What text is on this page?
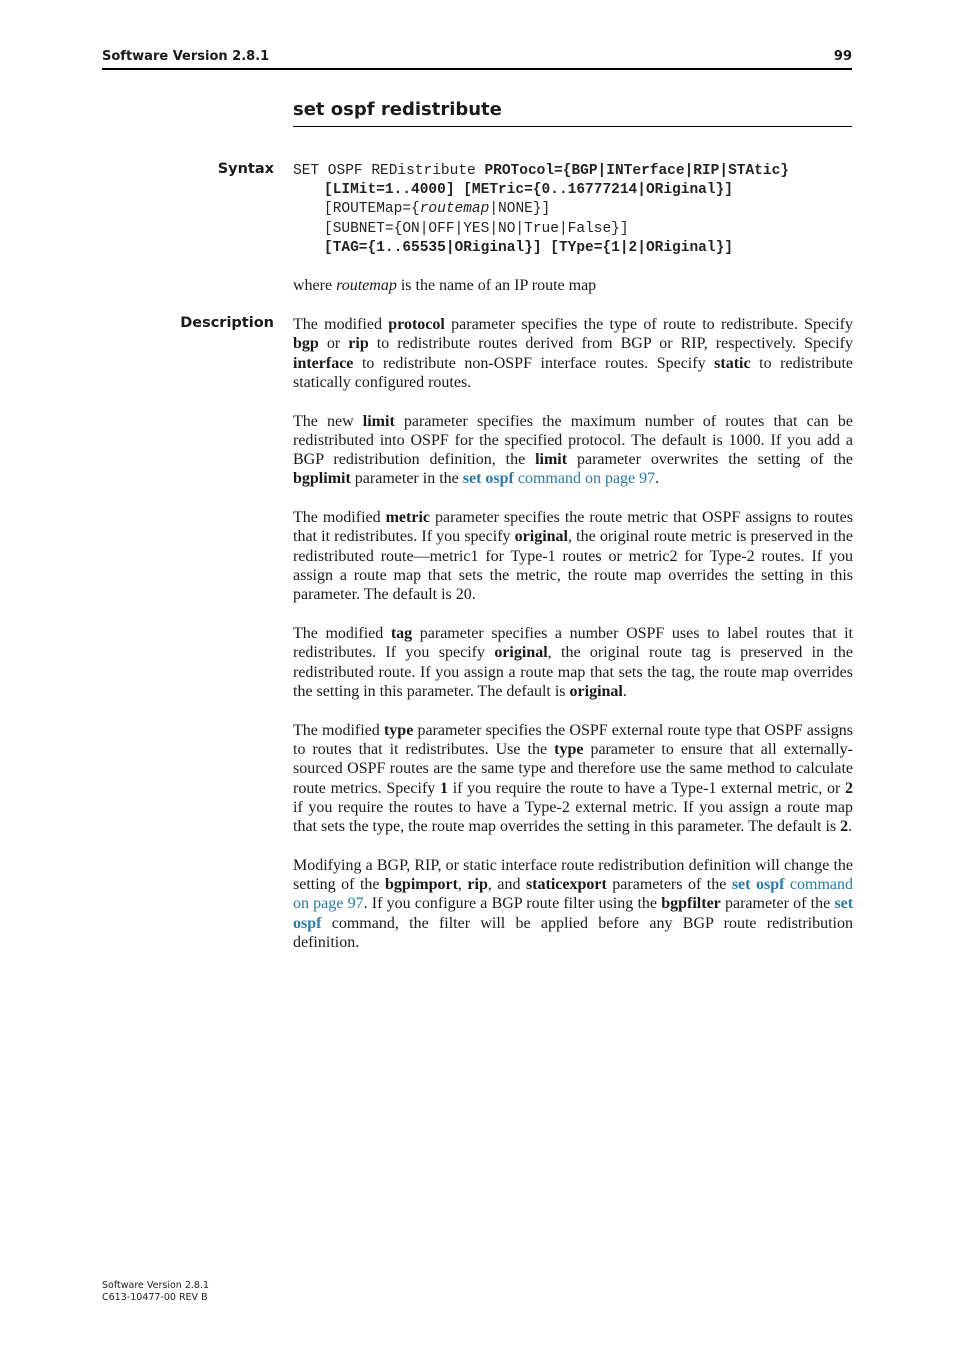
Software Version 2.8.1	99
set ospf redistribute
Syntax SET OSPF REDistribute PROTocol={BGP|INTerface|RIP|STAtic}
[LIMit=1..4000] [METric={0..16777214|ORiginal}]
[ROUTEMap={routemap|NONE}]
[SUBNET={ON|OFF|YES|NO|True|False}]
[TAG={1..65535|ORiginal}] [TYpe={1|2|ORiginal}]
where routemap is the name of an IP route map
Description The modified protocol parameter specifies the type of route to redistribute. Specify bgp or rip to redistribute routes derived from BGP or RIP, respectively. Specify interface to redistribute non-OSPF interface routes. Specify static to redistribute statically configured routes.

The new limit parameter specifies the maximum number of routes that can be redistributed into OSPF for the specified protocol. The default is 1000. If you add a BGP redistribution definition, the limit parameter overwrites the setting of the bgplimit parameter in the set ospf command on page 97.

The modified metric parameter specifies the route metric that OSPF assigns to routes that it redistributes. If you specify original, the original route metric is preserved in the redistributed route—metric1 for Type-1 routes or metric2 for Type-2 routes. If you assign a route map that sets the metric, the route map overrides the setting in this parameter. The default is 20.

The modified tag parameter specifies a number OSPF uses to label routes that it redistributes. If you specify original, the original route tag is preserved in the redistributed route. If you assign a route map that sets the tag, the route map overrides the setting in this parameter. The default is original.

The modified type parameter specifies the OSPF external route type that OSPF assigns to routes that it redistributes. Use the type parameter to ensure that all externally-sourced OSPF routes are the same type and therefore use the same method to calculate route metrics. Specify 1 if you require the route to have a Type-1 external metric, or 2 if you require the routes to have a Type-2 external metric. If you assign a route map that sets the type, the route map overrides the setting in this parameter. The default is 2.

Modifying a BGP, RIP, or static interface route redistribution definition will change the setting of the bgpimport, rip, and staticexport parameters of the set ospf command on page 97. If you configure a BGP route filter using the bgpfilter parameter of the set ospf command, the filter will be applied before any BGP route redistribution definition.

Software Version 2.8.1
C613-10477-00 REV B
